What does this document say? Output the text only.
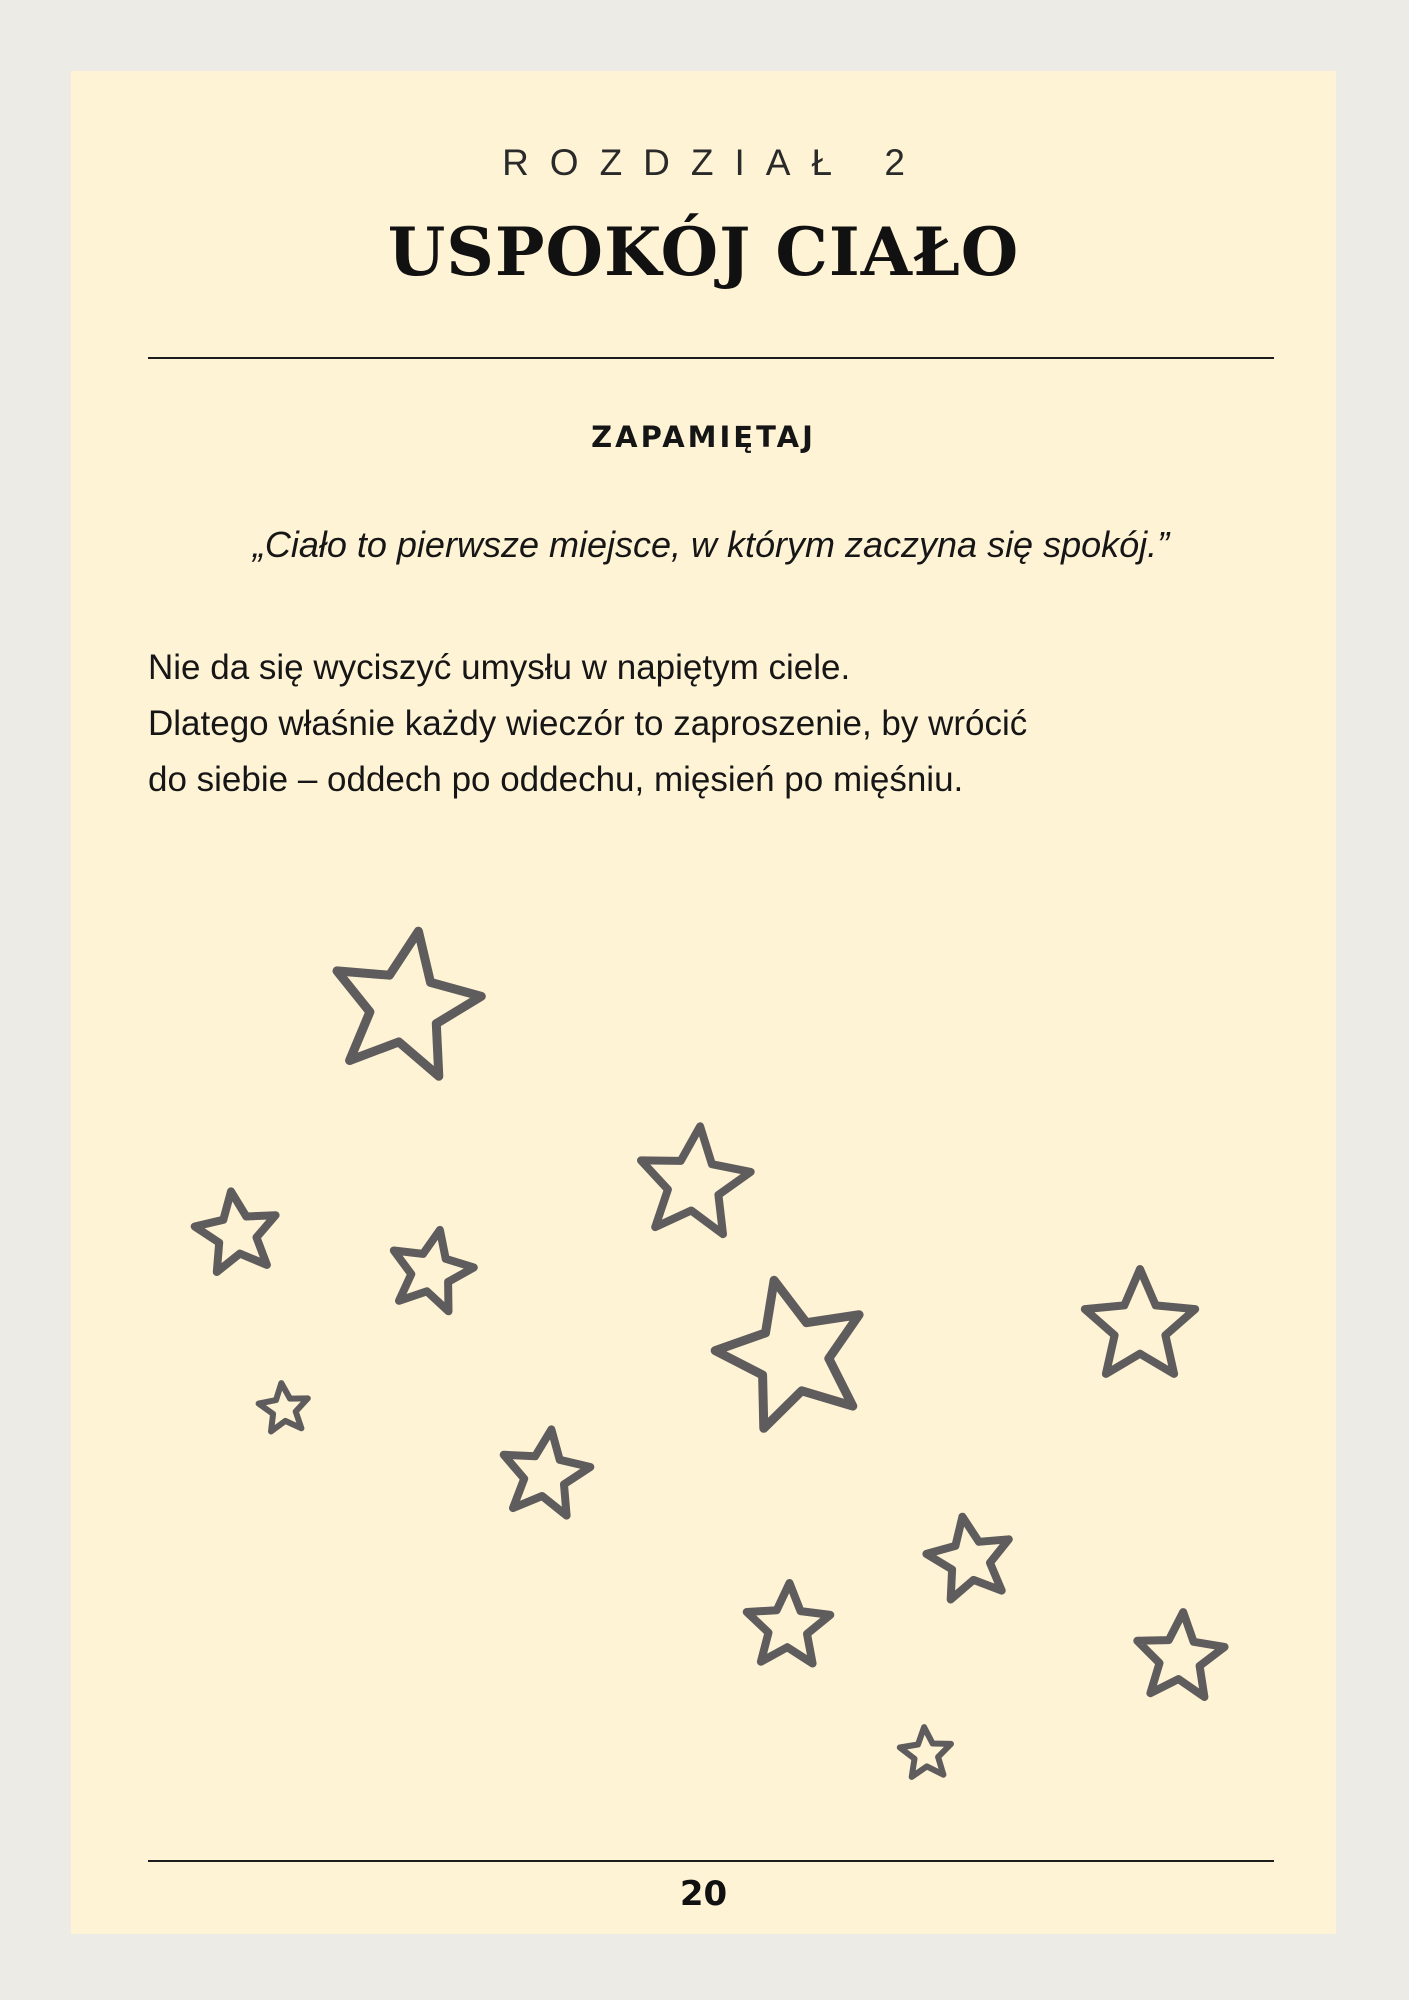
ROZDZIAŁ 2
USPOKÓJ CIAŁO
ZAPAMIĘTAJ
„Ciało to pierwsze miejsce, w którym zaczyna się spokój.”
Nie da się wyciszyć umysłu w napiętym ciele.
Dlatego właśnie każdy wieczór to zaproszenie, by wrócić
do siebie – oddech po oddechu, mięsień po mięśniu.
20
